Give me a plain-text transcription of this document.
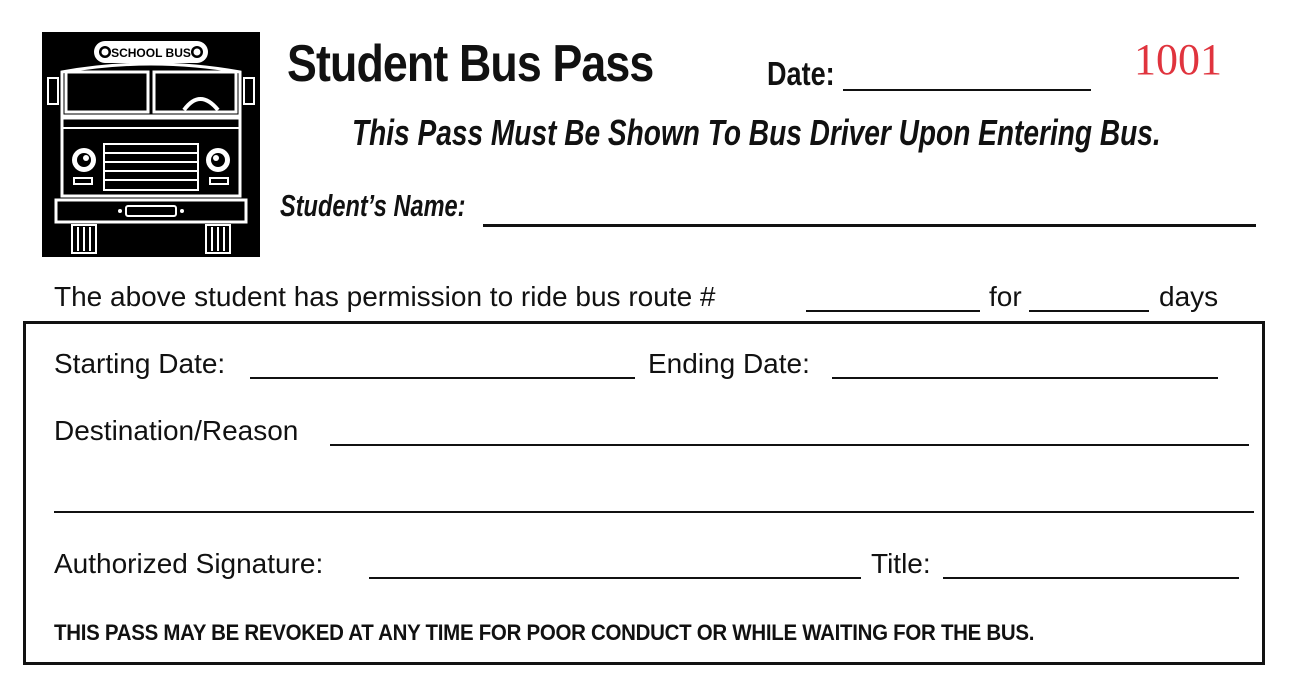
SCHOOL BUS Student Bus Pass	Date:	1001
This Pass Must Be Shown To Bus Driver Upon Entering Bus.
Student’s Name:
The above student has permission to ride bus route #	for	days
Starting Date:	Ending Date:
Destination/Reason
Authorized Signature:	Title:
THIS PASS MAY BE REVOKED AT ANY TIME FOR POOR CONDUCT OR WHILE WAITING FOR THE BUS.
